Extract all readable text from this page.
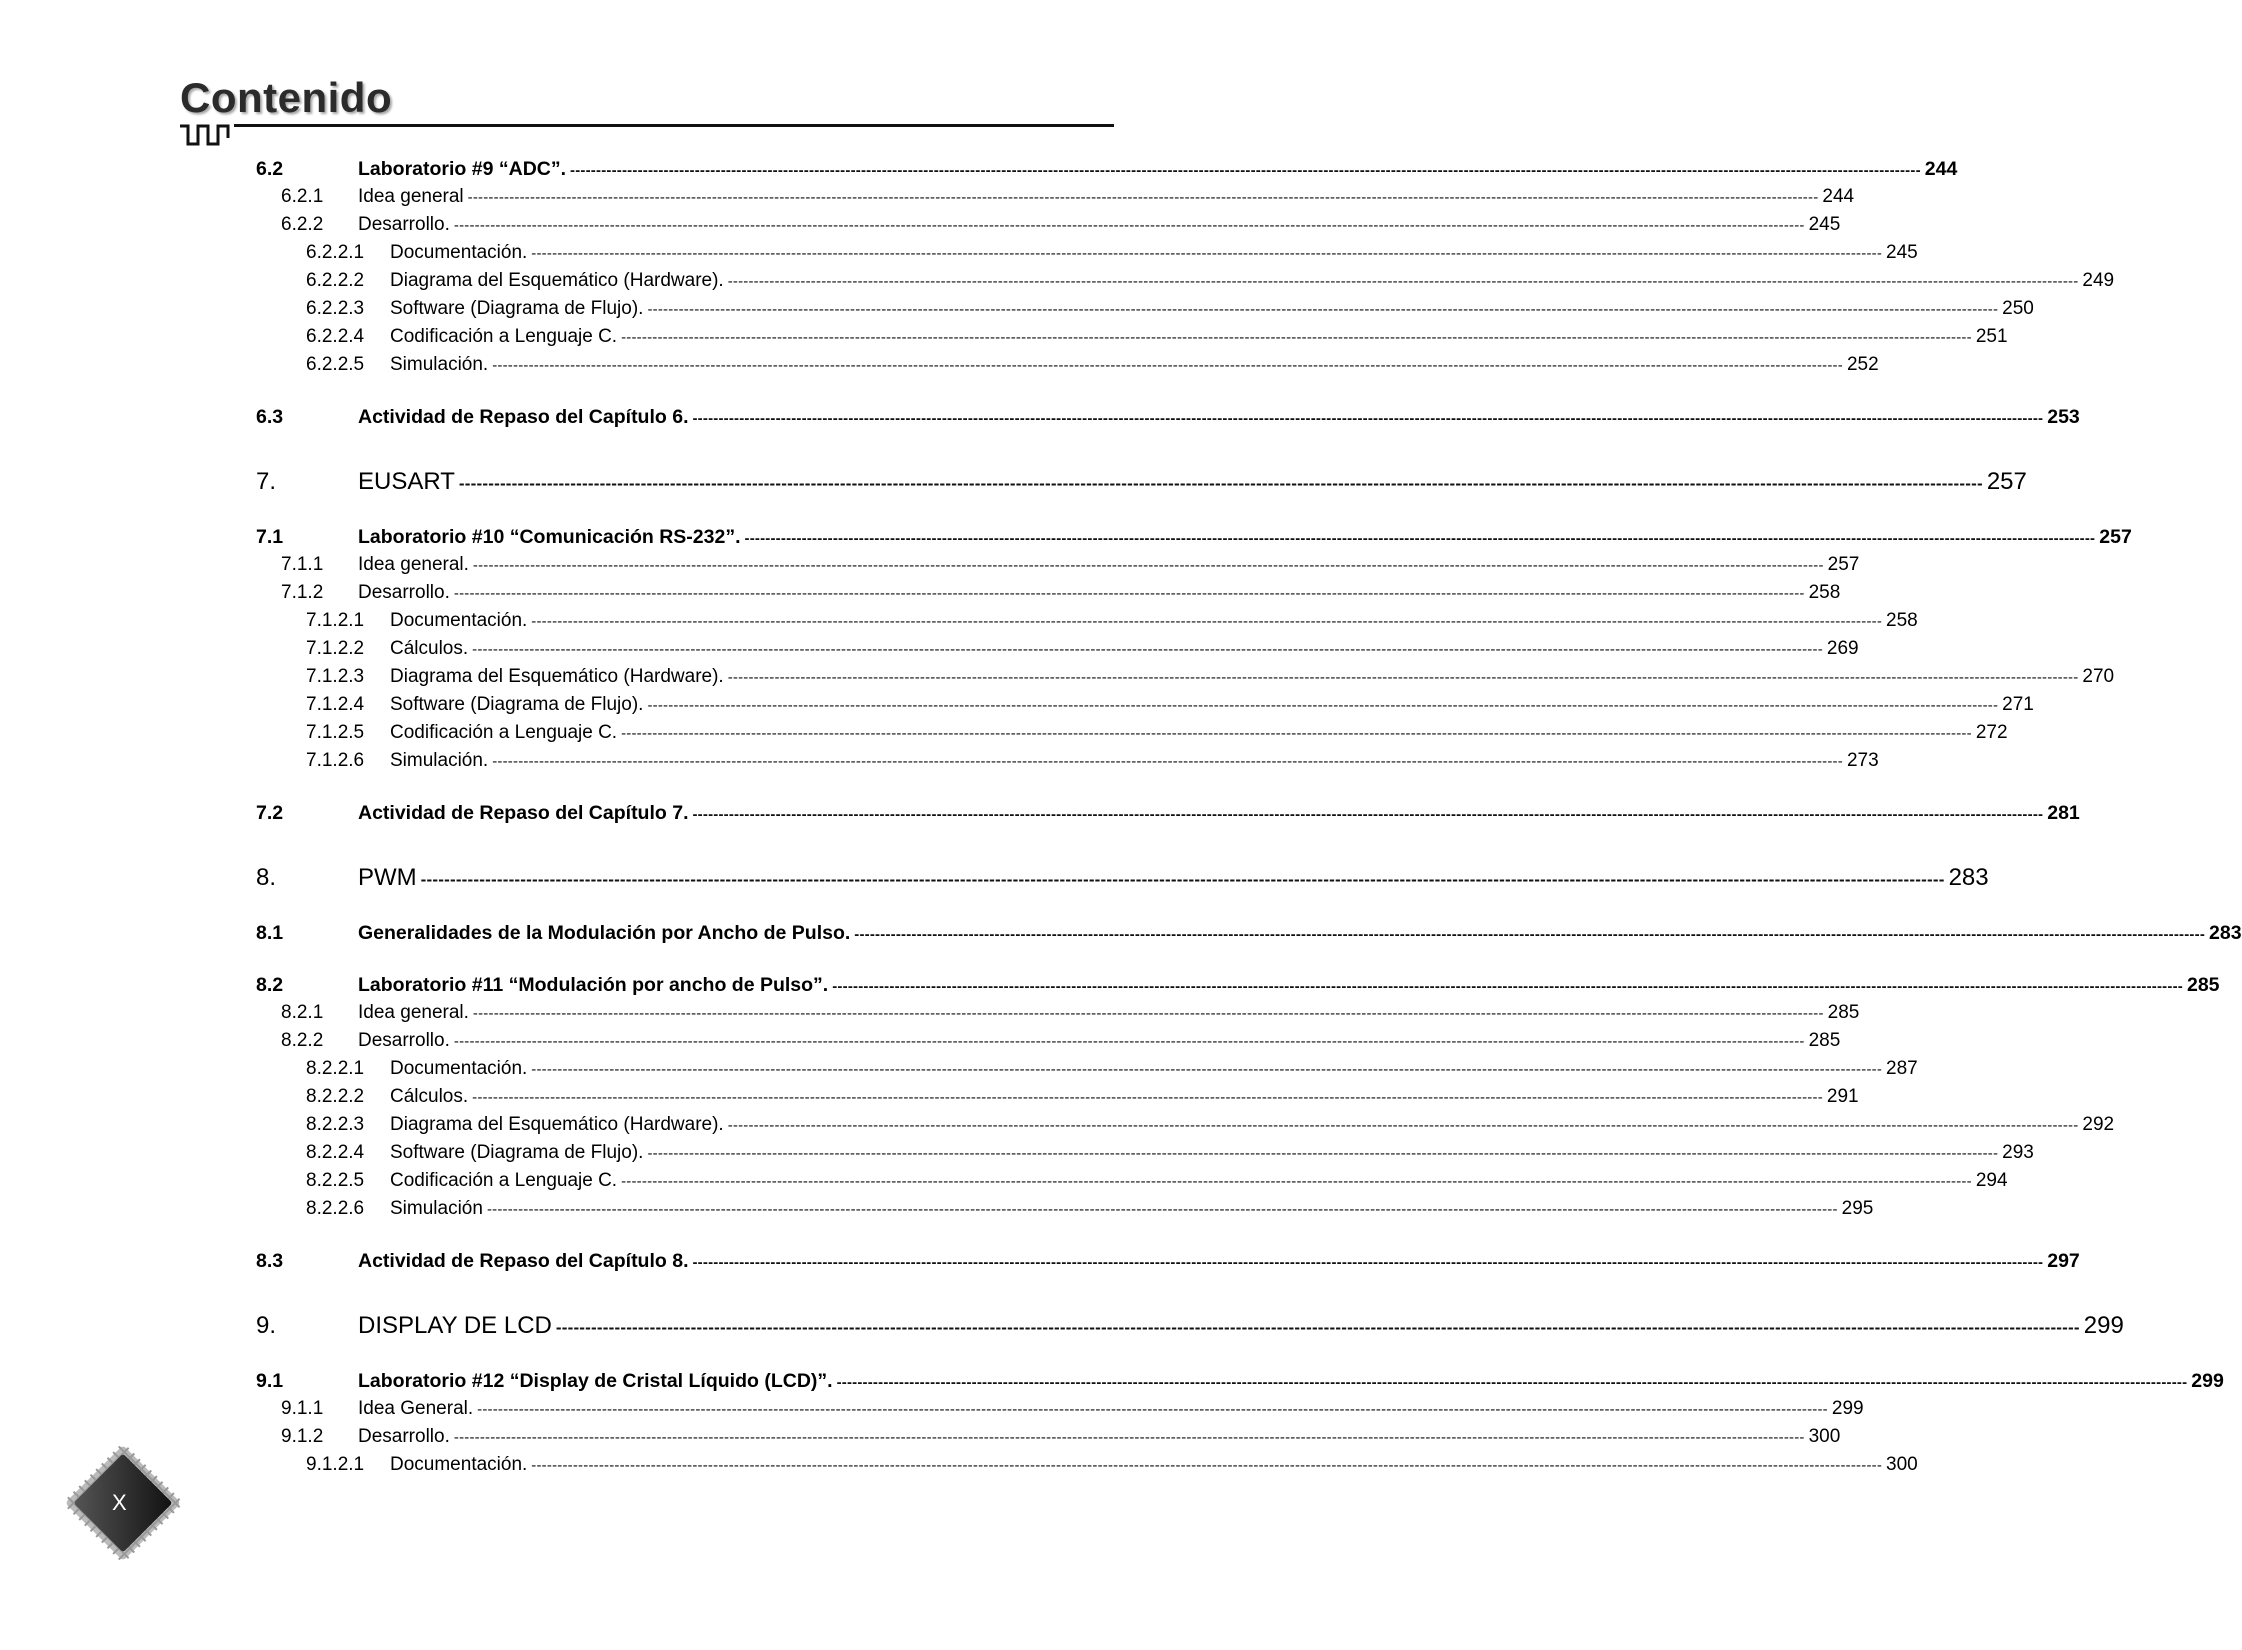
Contenido
6.2	Laboratorio #9 “ADC”. -------------------------------------------------------------------------------------------------------------------------------------------------------------------------------------------------------------------------------------------------------------------- 244
6.2.1	Idea general -------------------------------------------------------------------------------------------------------------------------------------------------------------------------------------------------------------------------------------------------------------------- 244
6.2.2	Desarrollo. -------------------------------------------------------------------------------------------------------------------------------------------------------------------------------------------------------------------------------------------------------------------- 245
6.2.2.1	Documentación. -------------------------------------------------------------------------------------------------------------------------------------------------------------------------------------------------------------------------------------------------------------------- 245
6.2.2.2	Diagrama del Esquemático (Hardware). -------------------------------------------------------------------------------------------------------------------------------------------------------------------------------------------------------------------------------------------------------------------- 249
6.2.2.3	Software (Diagrama de Flujo). -------------------------------------------------------------------------------------------------------------------------------------------------------------------------------------------------------------------------------------------------------------------- 250
6.2.2.4	Codificación a Lenguaje C. -------------------------------------------------------------------------------------------------------------------------------------------------------------------------------------------------------------------------------------------------------------------- 251
6.2.2.5	Simulación. -------------------------------------------------------------------------------------------------------------------------------------------------------------------------------------------------------------------------------------------------------------------- 252
6.3	Actividad de Repaso del Capítulo 6. -------------------------------------------------------------------------------------------------------------------------------------------------------------------------------------------------------------------------------------------------------------------- 253
7.	EUSART -------------------------------------------------------------------------------------------------------------------------------------------------------------------------------------------------------------------------------------------------------------------- 257
7.1	Laboratorio #10 “Comunicación RS-232”. -------------------------------------------------------------------------------------------------------------------------------------------------------------------------------------------------------------------------------------------------------------------- 257
7.1.1	Idea general. -------------------------------------------------------------------------------------------------------------------------------------------------------------------------------------------------------------------------------------------------------------------- 257
7.1.2	Desarrollo. -------------------------------------------------------------------------------------------------------------------------------------------------------------------------------------------------------------------------------------------------------------------- 258
7.1.2.1	Documentación. -------------------------------------------------------------------------------------------------------------------------------------------------------------------------------------------------------------------------------------------------------------------- 258
7.1.2.2	Cálculos. -------------------------------------------------------------------------------------------------------------------------------------------------------------------------------------------------------------------------------------------------------------------- 269
7.1.2.3	Diagrama del Esquemático (Hardware). -------------------------------------------------------------------------------------------------------------------------------------------------------------------------------------------------------------------------------------------------------------------- 270
7.1.2.4	Software (Diagrama de Flujo). -------------------------------------------------------------------------------------------------------------------------------------------------------------------------------------------------------------------------------------------------------------------- 271
7.1.2.5	Codificación a Lenguaje C. -------------------------------------------------------------------------------------------------------------------------------------------------------------------------------------------------------------------------------------------------------------------- 272
7.1.2.6	Simulación. -------------------------------------------------------------------------------------------------------------------------------------------------------------------------------------------------------------------------------------------------------------------- 273
7.2	Actividad de Repaso del Capítulo 7. -------------------------------------------------------------------------------------------------------------------------------------------------------------------------------------------------------------------------------------------------------------------- 281
8.	PWM -------------------------------------------------------------------------------------------------------------------------------------------------------------------------------------------------------------------------------------------------------------------- 283
8.1	Generalidades de la Modulación por Ancho de Pulso. -------------------------------------------------------------------------------------------------------------------------------------------------------------------------------------------------------------------------------------------------------------------- 283
8.2	Laboratorio #11 “Modulación por ancho de Pulso”. -------------------------------------------------------------------------------------------------------------------------------------------------------------------------------------------------------------------------------------------------------------------- 285
8.2.1	Idea general. -------------------------------------------------------------------------------------------------------------------------------------------------------------------------------------------------------------------------------------------------------------------- 285
8.2.2	Desarrollo. -------------------------------------------------------------------------------------------------------------------------------------------------------------------------------------------------------------------------------------------------------------------- 285
8.2.2.1	Documentación. -------------------------------------------------------------------------------------------------------------------------------------------------------------------------------------------------------------------------------------------------------------------- 287
8.2.2.2	Cálculos. -------------------------------------------------------------------------------------------------------------------------------------------------------------------------------------------------------------------------------------------------------------------- 291
8.2.2.3	Diagrama del Esquemático (Hardware). -------------------------------------------------------------------------------------------------------------------------------------------------------------------------------------------------------------------------------------------------------------------- 292
8.2.2.4	Software (Diagrama de Flujo). -------------------------------------------------------------------------------------------------------------------------------------------------------------------------------------------------------------------------------------------------------------------- 293
8.2.2.5	Codificación a Lenguaje C. -------------------------------------------------------------------------------------------------------------------------------------------------------------------------------------------------------------------------------------------------------------------- 294
8.2.2.6	Simulación -------------------------------------------------------------------------------------------------------------------------------------------------------------------------------------------------------------------------------------------------------------------- 295
8.3	Actividad de Repaso del Capítulo 8. -------------------------------------------------------------------------------------------------------------------------------------------------------------------------------------------------------------------------------------------------------------------- 297
9.	DISPLAY DE LCD -------------------------------------------------------------------------------------------------------------------------------------------------------------------------------------------------------------------------------------------------------------------- 299
9.1	Laboratorio #12 “Display de Cristal Líquido (LCD)”. -------------------------------------------------------------------------------------------------------------------------------------------------------------------------------------------------------------------------------------------------------------------- 299
9.1.1	Idea General. -------------------------------------------------------------------------------------------------------------------------------------------------------------------------------------------------------------------------------------------------------------------- 299
9.1.2	Desarrollo. -------------------------------------------------------------------------------------------------------------------------------------------------------------------------------------------------------------------------------------------------------------------- 300
9.1.2.1	Documentación. -------------------------------------------------------------------------------------------------------------------------------------------------------------------------------------------------------------------------------------------------------------------- 300
X
